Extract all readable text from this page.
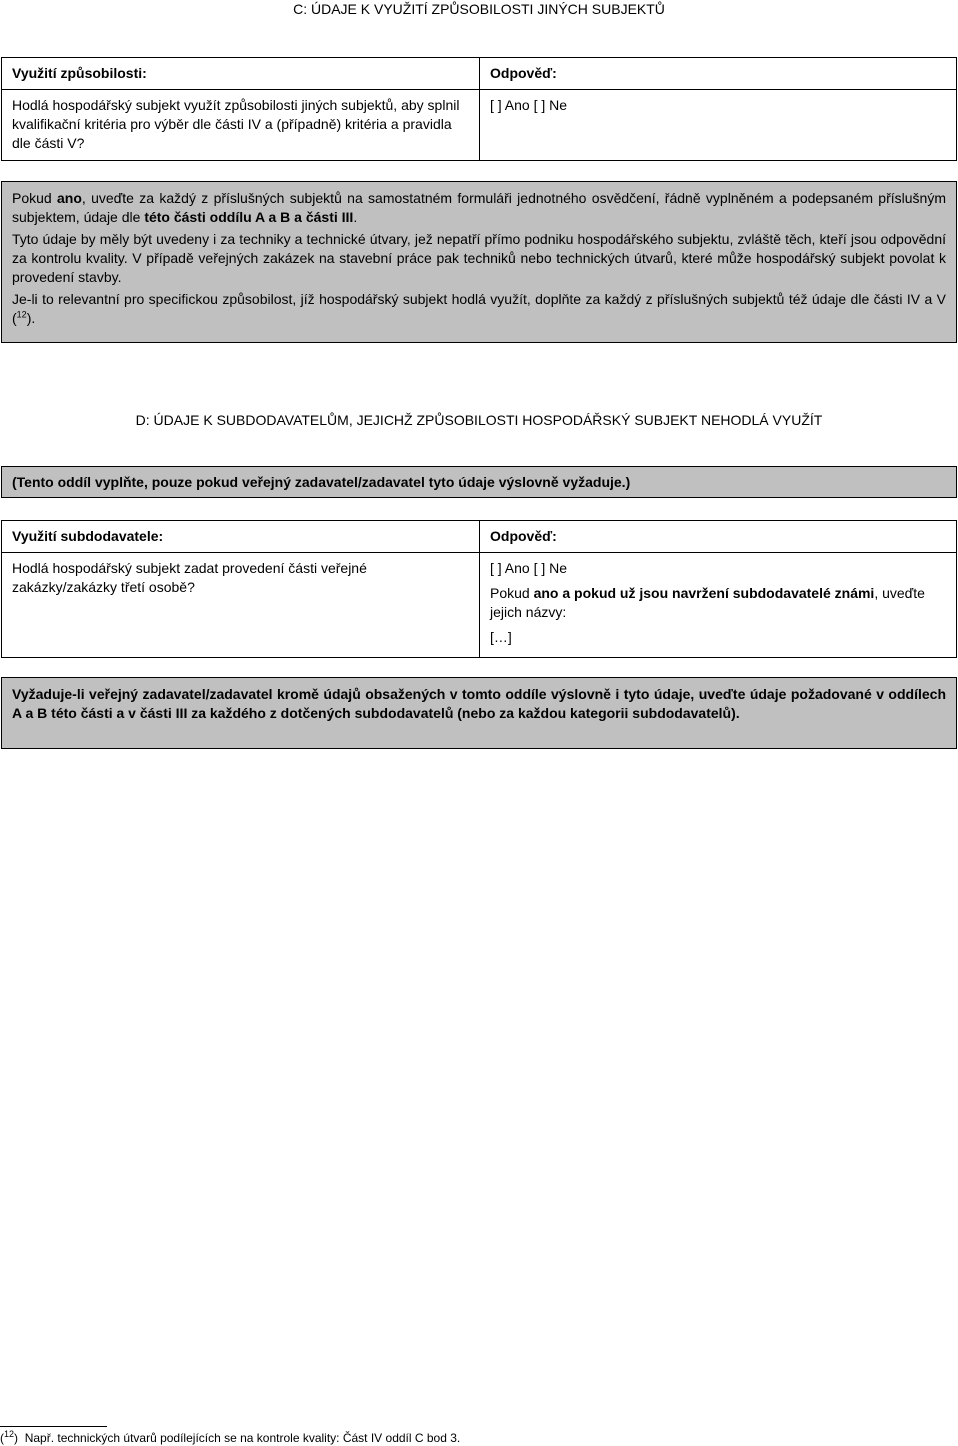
C: ÚDAJE K VYUŽITÍ ZPŮSOBILOSTI JINÝCH SUBJEKTŮ
Využití způsobilosti:	Odpověď:
Hodlá hospodářský subjekt využít způsobilosti jiných subjektů, aby splnil kvalifikační kritéria pro výběr dle části IV a (případně) kritéria a pravidla dle části V?	[ ] Ano [ ] Ne

Pokud ano, uveďte za každý z příslušných subjektů na samostatném formuláři jednotného osvědčení, řádně vyplněném a podepsaném příslušným subjektem, údaje dle této části oddílu A a B a části III.

Tyto údaje by měly být uvedeny i za techniky a technické útvary, jež nepatří přímo podniku hospodářského subjektu, zvláště těch, kteří jsou odpovědní za kontrolu kvality. V případě veřejných zakázek na stavební práce pak techniků nebo technických útvarů, které může hospodářský subjekt povolat k provedení stavby.

Je-li to relevantní pro specifickou způsobilost, jíž hospodářský subjekt hodlá využít, doplňte za každý z příslušných subjektů též údaje dle části IV a V ($^{12}$).

D: ÚDAJE K SUBDODAVATELŮM, JEJICHŽ ZPŮSOBILOSTI HOSPODÁŘSKÝ SUBJEKT NEHODLÁ VYUŽÍT
(Tento oddíl vyplňte, pouze pokud veřejný zadavatel/zadavatel tyto údaje výslovně vyžaduje.)
Využití subdodavatele:	Odpověď:
Hodlá hospodářský subjekt zadat provedení části veřejné zakázky/zakázky třetí osobě?	[ ] Ano [ ] Ne
Pokud ano a pokud už jsou navržení subdodavatelé známi, uveďte jejich názvy:
[…]
Vyžaduje-li veřejný zadavatel/zadavatel kromě údajů obsažených v tomto oddíle výslovně i tyto údaje, uveďte údaje požadované v oddílech A a B této části a v části III za každého z dotčených subdodavatelů (nebo za každou kategorii subdodavatelů).
($^{12}$) Např. technických útvarů podílejících se na kontrole kvality: Část IV oddíl C bod 3.
